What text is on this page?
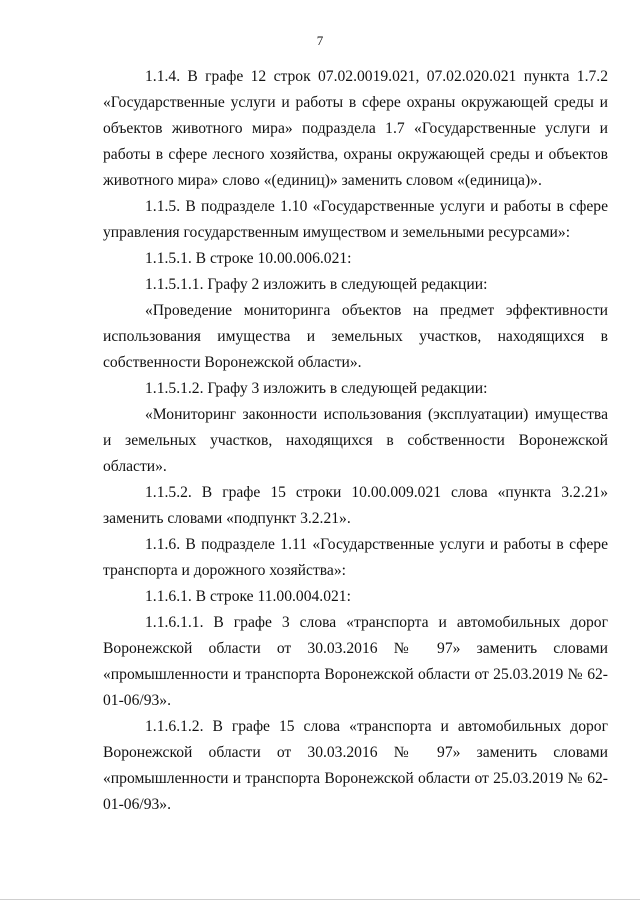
7

1.1.4. В графе 12 строк 07.02.0019.021, 07.02.020.021 пункта 1.7.2 «Государственные услуги и работы в сфере охраны окружающей среды и объектов животного мира» подраздела 1.7 «Государственные услуги и работы в сфере лесного хозяйства, охраны окружающей среды и объектов животного мира» слово «(единиц)» заменить словом «(единица)».

1.1.5. В подразделе 1.10 «Государственные услуги и работы в сфере управления государственным имуществом и земельными ресурсами»:

1.1.5.1. В строке 10.00.006.021:

1.1.5.1.1. Графу 2 изложить в следующей редакции:

«Проведение мониторинга объектов на предмет эффективности использования имущества и земельных участков, находящихся в собственности Воронежской области».

1.1.5.1.2. Графу 3 изложить в следующей редакции:

«Мониторинг законности использования (эксплуатации) имущества и земельных участков, находящихся в собственности Воронежской области».

1.1.5.2. В графе 15 строки 10.00.009.021 слова «пункта 3.2.21» заменить словами «подпункт 3.2.21».

1.1.6. В подразделе 1.11 «Государственные услуги и работы в сфере транспорта и дорожного хозяйства»:

1.1.6.1. В строке 11.00.004.021:

1.1.6.1.1. В графе 3 слова «транспорта и автомобильных дорог Воронежской области от 30.03.2016 № 97» заменить словами «промышленности и транспорта Воронежской области от 25.03.2019 № 62-01-06/93».

1.1.6.1.2. В графе 15 слова «транспорта и автомобильных дорог Воронежской области от 30.03.2016 № 97» заменить словами «промышленности и транспорта Воронежской области от 25.03.2019 № 62-01-06/93».
